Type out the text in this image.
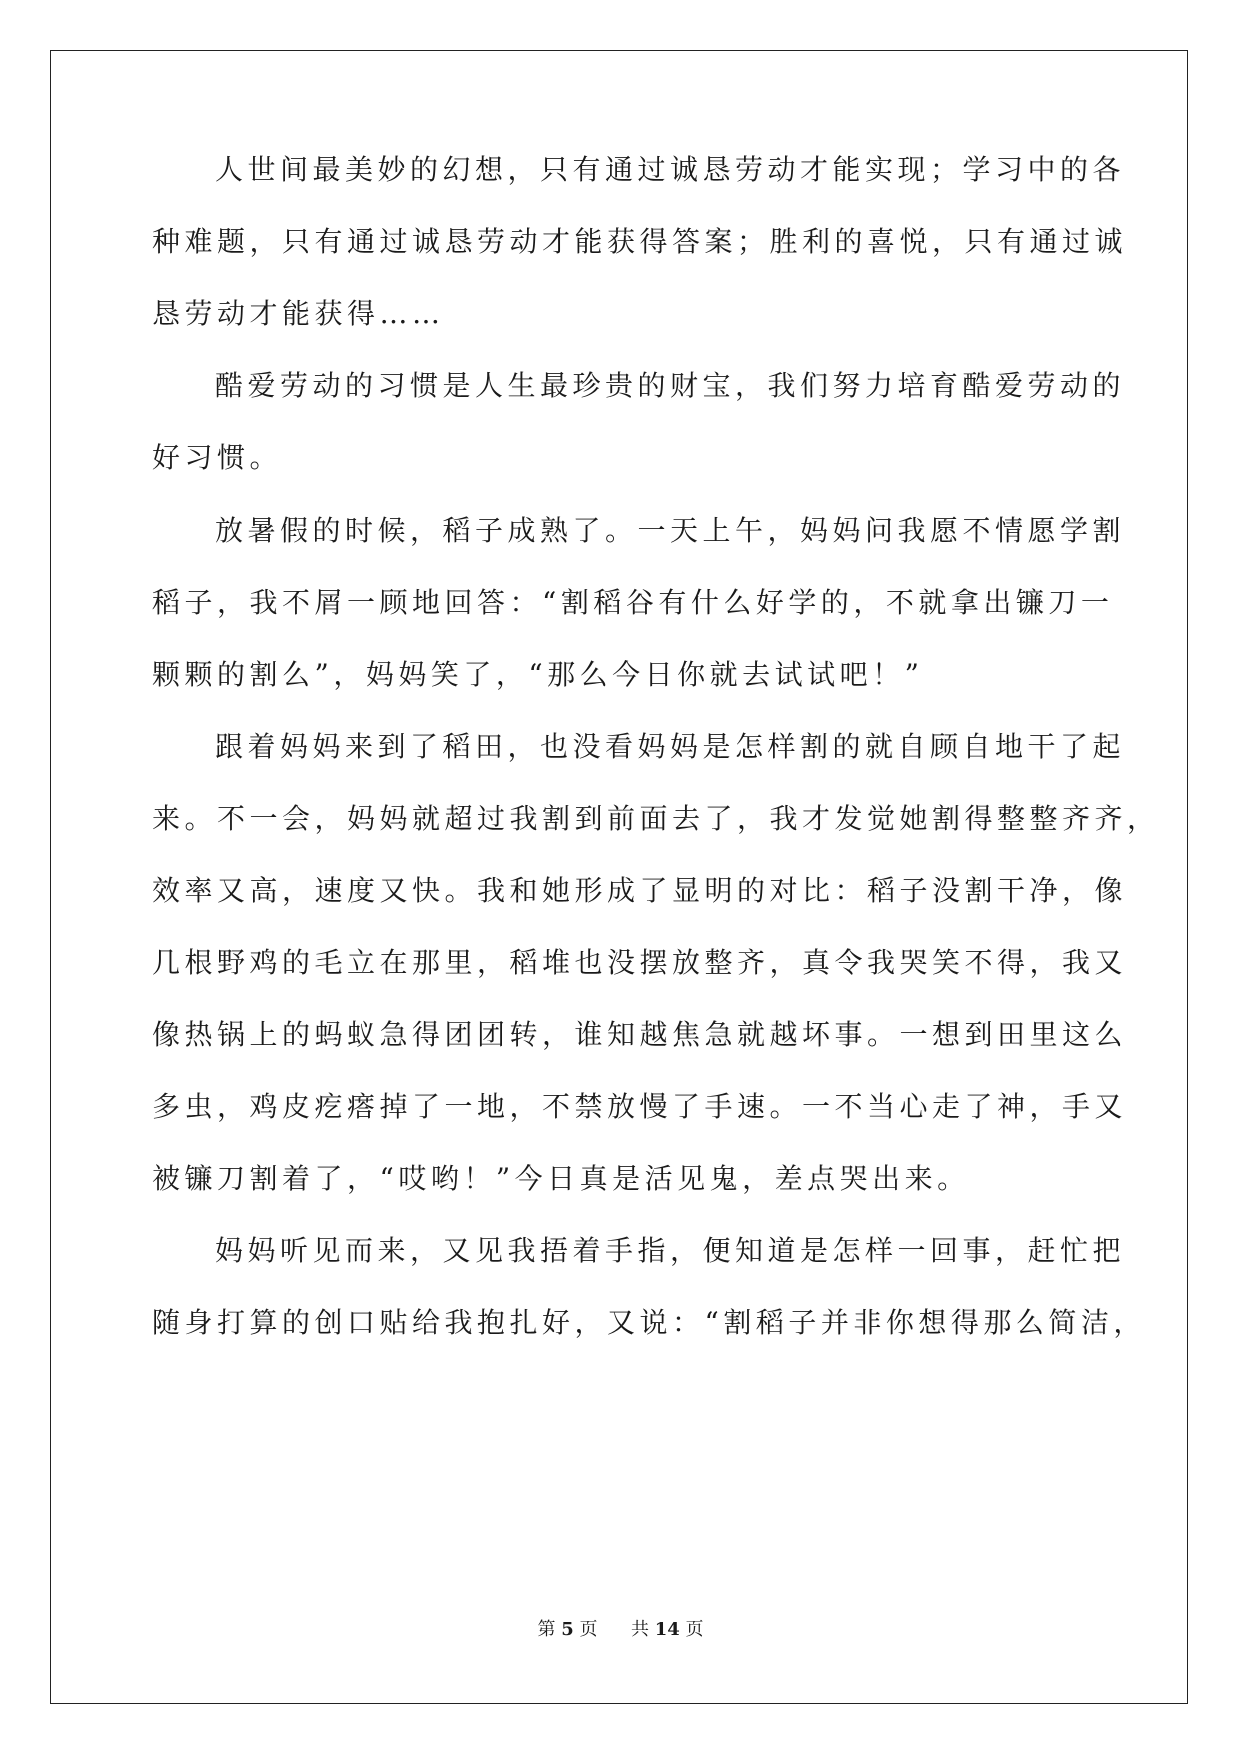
人世间最美妙的幻想，只有通过诚恳劳动才能实现；学习中的各

种难题，只有通过诚恳劳动才能获得答案；胜利的喜悦，只有通过诚

恳劳动才能获得……

酷爱劳动的习惯是人生最珍贵的财宝，我们努力培育酷爱劳动的

好习惯。

放暑假的时候，稻子成熟了。一天上午，妈妈问我愿不情愿学割

稻子，我不屑一顾地回答：“割稻谷有什么好学的，不就拿出镰刀一

颗颗的割么”，妈妈笑了，“那么今日你就去试试吧！”

跟着妈妈来到了稻田，也没看妈妈是怎样割的就自顾自地干了起

来。不一会，妈妈就超过我割到前面去了，我才发觉她割得整整齐齐，

效率又高，速度又快。我和她形成了显明的对比：稻子没割干净，像

几根野鸡的毛立在那里，稻堆也没摆放整齐，真令我哭笑不得，我又

像热锅上的蚂蚁急得团团转，谁知越焦急就越坏事。一想到田里这么

多虫，鸡皮疙瘩掉了一地，不禁放慢了手速。一不当心走了神，手又

被镰刀割着了，“哎哟！”今日真是活见鬼，差点哭出来。

妈妈听见而来，又见我捂着手指，便知道是怎样一回事，赶忙把

随身打算的创口贴给我抱扎好，又说：“割稻子并非你想得那么简洁，

第 5 页 共 14 页
